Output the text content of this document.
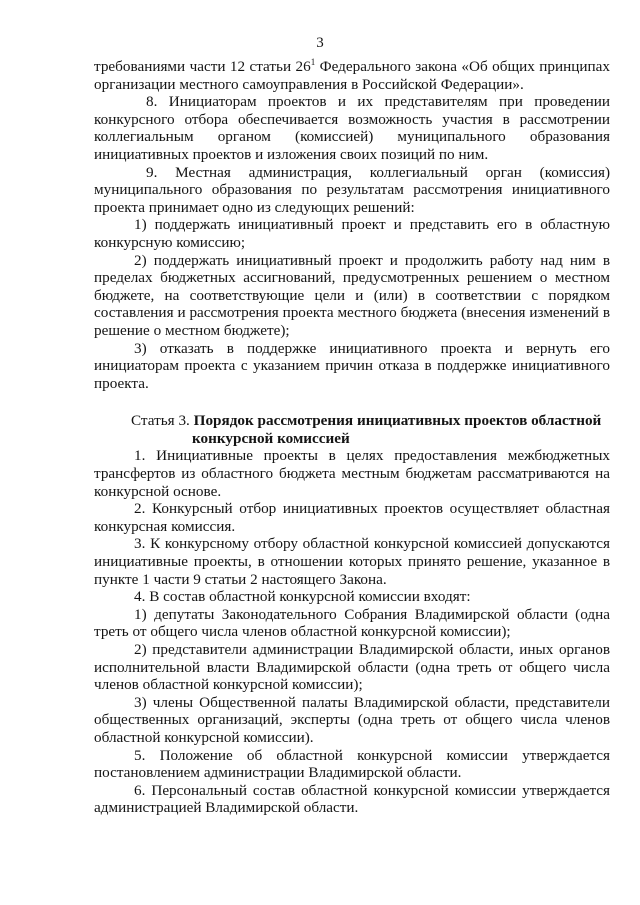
3

требованиями части 12 статьи $26^1$ Федерального закона «Об общих принципах организации местного самоуправления в Российской Федерации».

8. Инициаторам проектов и их представителям при проведении конкурсного отбора обеспечивается возможность участия в рассмотрении коллегиальным органом (комиссией) муниципального образования инициативных проектов и изложения своих позиций по ним.

9. Местная администрация, коллегиальный орган (комиссия) муниципального образования по результатам рассмотрения инициативного проекта принимает одно из следующих решений:

1) поддержать инициативный проект и представить его в областную конкурсную комиссию;

2) поддержать инициативный проект и продолжить работу над ним в пределах бюджетных ассигнований, предусмотренных решением о местном бюджете, на соответствующие цели и (или) в соответствии с порядком составления и рассмотрения проекта местного бюджета (внесения изменений в решение о местном бюджете);

3) отказать в поддержке инициативного проекта и вернуть его инициаторам проекта с указанием причин отказа в поддержке инициативного проекта.

Статья 3. Порядок рассмотрения инициативных проектов областной
конкурсной комиссией

1. Инициативные проекты в целях предоставления межбюджетных трансфертов из областного бюджета местным бюджетам рассматриваются на конкурсной основе.

2. Конкурсный отбор инициативных проектов осуществляет областная конкурсная комиссия.

3. К конкурсному отбору областной конкурсной комиссией допускаются инициативные проекты, в отношении которых принято решение, указанное в пункте 1 части 9 статьи 2 настоящего Закона.

4. В состав областной конкурсной комиссии входят:

1) депутаты Законодательного Собрания Владимирской области (одна треть от общего числа членов областной конкурсной комиссии);

2) представители администрации Владимирской области, иных органов исполнительной власти Владимирской области (одна треть от общего числа членов областной конкурсной комиссии);

3) члены Общественной палаты Владимирской области, представители общественных организаций, эксперты (одна треть от общего числа членов областной конкурсной комиссии).

5. Положение об областной конкурсной комиссии утверждается постановлением администрации Владимирской области.

6. Персональный состав областной конкурсной комиссии утверждается администрацией Владимирской области.
